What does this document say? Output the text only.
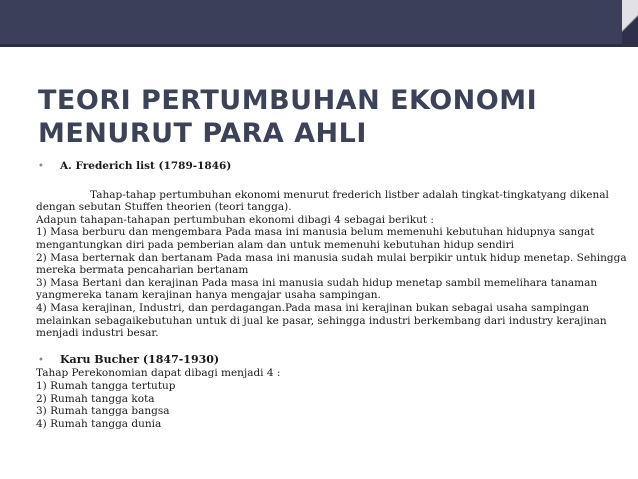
TEORI PERTUMBUHAN EKONOMI
MENURUT PARA AHLI
•	A. Frederich list (1789-1846)

Tahap-tahap pertumbuhan ekonomi menurut frederich listber adalah tingkat-tingkatyang dikenal dengan sebutan Stuffen theorien (teori tangga).

Adapun tahapan-tahapan pertumbuhan ekonomi dibagi 4 sebagai berikut :

1) Masa berburu dan mengembara Pada masa ini manusia belum memenuhi kebutuhan hidupnya sangat mengantungkan diri pada pemberian alam dan untuk memenuhi kebutuhan hidup sendiri

2) Masa berternak dan bertanam Pada masa ini manusia sudah mulai berpikir untuk hidup menetap. Sehingga mereka bermata pencaharian bertanam

3) Masa Bertani dan kerajinan Pada masa ini manusia sudah hidup menetap sambil memelihara tanaman yangmereka tanam kerajinan hanya mengajar usaha sampingan.

4) Masa kerajinan, Industri, dan perdagangan.Pada masa ini kerajinan bukan sebagai usaha sampingan melainkan sebagaikebutuhan untuk di jual ke pasar, sehingga industri berkembang dari industry kerajinan menjadi industri besar.

•	Karu Bucher (1847-1930)

Tahap Perekonomian dapat dibagi menjadi 4 :

1) Rumah tangga tertutup

2) Rumah tangga kota

3) Rumah tangga bangsa

4) Rumah tangga dunia
